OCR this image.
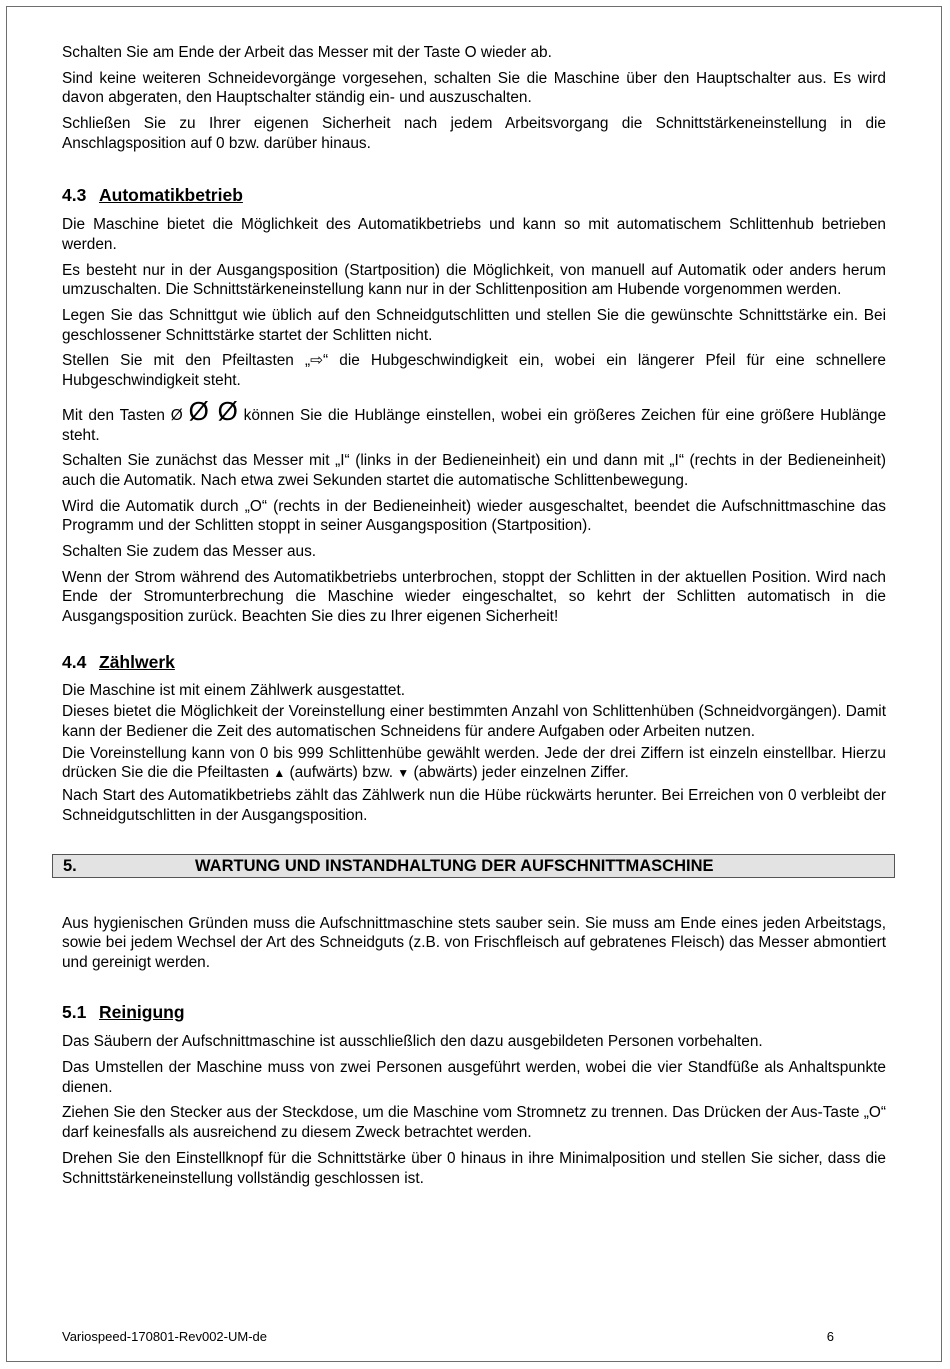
Schalten Sie am Ende der Arbeit das Messer mit der Taste O wieder ab.

Sind keine weiteren Schneidevorgänge vorgesehen, schalten Sie die Maschine über den Hauptschalter aus. Es wird davon abgeraten, den Hauptschalter ständig ein- und auszuschalten.

Schließen Sie zu Ihrer eigenen Sicherheit nach jedem Arbeitsvorgang die Schnittstärkeneinstellung in die Anschlagsposition auf 0 bzw. darüber hinaus.

4.3 Automatikbetrieb

Die Maschine bietet die Möglichkeit des Automatikbetriebs und kann so mit automatischem Schlittenhub betrieben werden.

Es besteht nur in der Ausgangsposition (Startposition) die Möglichkeit, von manuell auf Automatik oder anders herum umzuschalten. Die Schnittstärkeneinstellung kann nur in der Schlittenposition am Hubende vorgenommen werden.

Legen Sie das Schnittgut wie üblich auf den Schneidgutschlitten und stellen Sie die gewünschte Schnittstärke ein. Bei geschlossener Schnittstärke startet der Schlitten nicht.

Stellen Sie mit den Pfeiltasten „⇨“ die Hubgeschwindigkeit ein, wobei ein längerer Pfeil für eine schnellere Hubgeschwindigkeit steht.

Mit den Tasten Ø Ø Ø können Sie die Hublänge einstellen, wobei ein größeres Zeichen für eine größere Hublänge steht.

Schalten Sie zunächst das Messer mit „I“ (links in der Bedieneinheit) ein und dann mit „I“ (rechts in der Bedieneinheit) auch die Automatik. Nach etwa zwei Sekunden startet die automatische Schlittenbewegung.

Wird die Automatik durch „O“ (rechts in der Bedieneinheit) wieder ausgeschaltet, beendet die Aufschnittmaschine das Programm und der Schlitten stoppt in seiner Ausgangsposition (Startposition).

Schalten Sie zudem das Messer aus.

Wenn der Strom während des Automatikbetriebs unterbrochen, stoppt der Schlitten in der aktuellen Position. Wird nach Ende der Stromunterbrechung die Maschine wieder eingeschaltet, so kehrt der Schlitten automatisch in die Ausgangsposition zurück. Beachten Sie dies zu Ihrer eigenen Sicherheit!

4.4 Zählwerk

Die Maschine ist mit einem Zählwerk ausgestattet.

Dieses bietet die Möglichkeit der Voreinstellung einer bestimmten Anzahl von Schlittenhüben (Schneidvorgängen). Damit kann der Bediener die Zeit des automatischen Schneidens für andere Aufgaben oder Arbeiten nutzen.

Die Voreinstellung kann von 0 bis 999 Schlittenhübe gewählt werden. Jede der drei Ziffern ist einzeln einstellbar. Hierzu drücken Sie die die Pfeiltasten ▲ (aufwärts) bzw. ▼ (abwärts) jeder einzelnen Ziffer.

Nach Start des Automatikbetriebs zählt das Zählwerk nun die Hübe rückwärts herunter. Bei Erreichen von 0 verbleibt der Schneidgutschlitten in der Ausgangsposition.

5.	WARTUNG UND INSTANDHALTUNG DER AUFSCHNITTMASCHINE

Aus hygienischen Gründen muss die Aufschnittmaschine stets sauber sein. Sie muss am Ende eines jeden Arbeitstags, sowie bei jedem Wechsel der Art des Schneidguts (z.B. von Frischfleisch auf gebratenes Fleisch) das Messer abmontiert und gereinigt werden.

5.1 Reinigung

Das Säubern der Aufschnittmaschine ist ausschließlich den dazu ausgebildeten Personen vorbehalten.

Das Umstellen der Maschine muss von zwei Personen ausgeführt werden, wobei die vier Standfüße als Anhaltspunkte dienen.

Ziehen Sie den Stecker aus der Steckdose, um die Maschine vom Stromnetz zu trennen. Das Drücken der Aus-Taste „O“ darf keinesfalls als ausreichend zu diesem Zweck betrachtet werden.

Drehen Sie den Einstellknopf für die Schnittstärke über 0 hinaus in ihre Minimalposition und stellen Sie sicher, dass die Schnittstärkeneinstellung vollständig geschlossen ist.

Variospeed-170801-Rev002-UM-de	6
